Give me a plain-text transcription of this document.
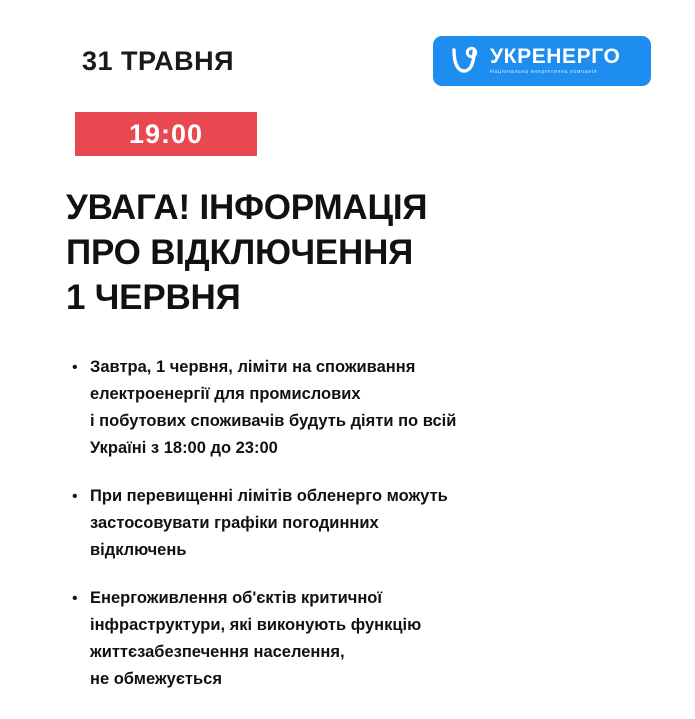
31 ТРАВНЯ	УКРЕНЕРГО
Національна енергетична компанія
19:00
УВАГА! ІНФОРМАЦІЯ
ПРО ВІДКЛЮЧЕННЯ
1 ЧЕРВНЯ
• Завтра, 1 червня, ліміти на споживання
електроенергії для промислових
і побутових споживачів будуть діяти по всій
Україні з 18:00 до 23:00
• При перевищенні лімітів обленерго можуть
застосовувати графіки погодинних
відключень
• Енергоживлення об'єктів критичної
інфраструктури, які виконують функцію
життєзабезпечення населення,
не обмежується
